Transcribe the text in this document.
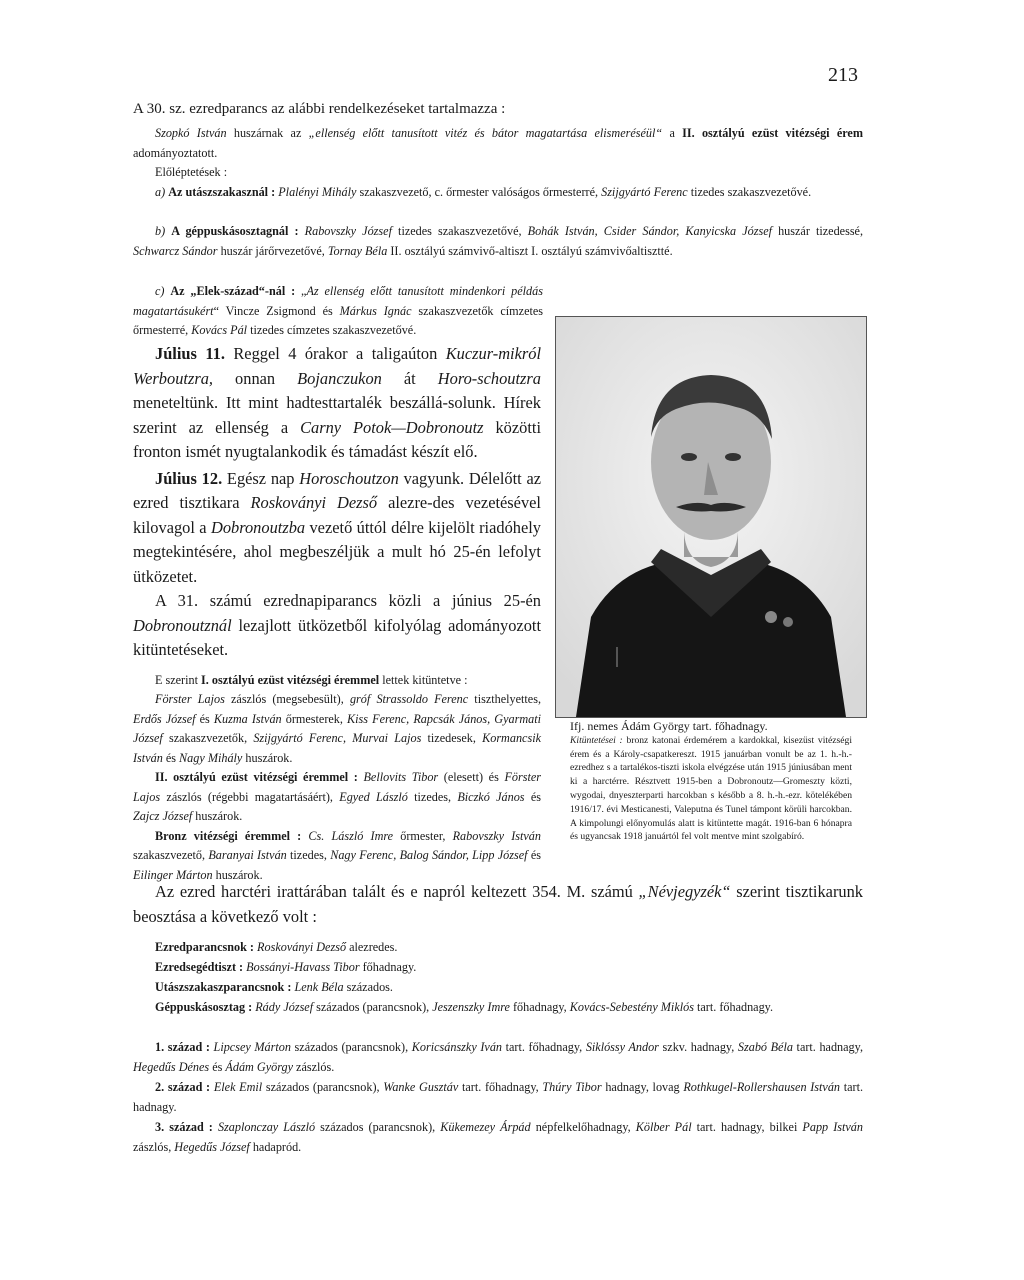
213
A 30. sz. ezredparancs az alábbi rendelkezéseket tartalmazza :
Szopkó István huszárnak az „ellenség előtt tanusított vitéz és bátor magatartása elismeréséül“ a II. osztályú ezüst vitézségi érem adományoztatott.
Előléptetések :
a) Az utászszakasznál : Plalényi Mihály szakaszvezető, c. őrmester valóságos őrmesterré, Szijgyártó Ferenc tizedes szakaszvezetővé.
b) A géppuskásosztagnál : Rabovszky József tizedes szakaszvezetővé, Bohák István, Csider Sándor, Kanyicska József huszár tizedessé, Schwarcz Sándor huszár járőrvezetővé, Tornay Béla II. osztályú számvivő-altiszt I. osztályú számvivőaltisztté.
c) Az „Elek-század“-nál : „Az ellenség előtt tanusított mindenkori példás magatartásukért“ Vincze Zsigmond és Márkus Ignác szakaszvezetők címzetes őrmesterré, Kovács Pál tizedes címzetes szakaszvezetővé.
Július 11. Reggel 4 órakor a taligaúton Kuczur-mikról Werboutzra, onnan Bojanczukon át Horo-schoutzra meneteltünk. Itt mint hadtesttartalék beszállá-solunk. Hírek szerint az ellenség a Carny Potok—Dobronoutz közötti fronton ismét nyugtalankodik és támadást készít elő.
Július 12. Egész nap Horoschoutzon vagyunk. Délelőtt az ezred tisztikara Roskoványi Dezső alezre-des vezetésével kilovagol a Dobronoutzba vezető úttól délre kijelölt riadóhely megtekintésére, ahol megbeszéljük a mult hó 25-én lefolyt ütközetet.
A 31. számú ezrednapiparancs közli a június 25-én Dobronoutznál lezajlott ütközetből kifolyólag adományozott kitüntetéseket.
E szerint I. osztályú ezüst vitézségi éremmel lettek kitüntetve :
Förster Lajos zászlós (megsebesült), gróf Strassoldo Ferenc tiszthelyettes, Erdős József és Kuzma István őrmesterek, Kiss Ferenc, Rapcsák János, Gyarmati József szakaszvezetők, Szijgyártó Ferenc, Murvai Lajos tizedesek, Kormancsik István és Nagy Mihály huszárok.
II. osztályú ezüst vitézségi éremmel : Bellovits Tibor (elesett) és Förster Lajos zászlós (régebbi magatartásáért), Egyed László tizedes, Biczkó János és Zajcz József huszárok.
Bronz vitézségi éremmel : Cs. László Imre őrmester, Rabovszky István szakaszvezető, Baranyai István tizedes, Nagy Ferenc, Balog Sándor, Lipp József és Eilinger Márton huszárok.
Ifj. nemes Ádám György tart. főhadnagy.
Kitüntetései : bronz katonai érdemérem a kardokkal, kisezüst vitézségi érem és a Károly-csapatkereszt. 1915 januárban vonult be az 1. h.-h.-ezredhez s a tartalékos-tiszti iskola elvégzése után 1915 júniusában ment ki a harctérre. Résztvett 1915-ben a Dobronoutz—Gromeszty közti, wygodai, dnyeszterparti harcokban s később a 8. h.-h.-ezr. kötelékében 1916/17. évi Mesticanesti, Valeputna és Tunel támpont körüli harcokban. A kimpolungi előnyomulás alatt is kitüntette magát. 1916-ban 6 hónapra és ugyancsak 1918 januártól fel volt mentve mint szolgabíró.
Az ezred harctéri irattárában talált és e napról keltezett 354. M. számú „Névjegyzék“ szerint tisztikarunk beosztása a következő volt :
Ezredparancsnok : Roskoványi Dezső alezredes.
Ezredsegédtiszt : Bossányi-Havass Tibor főhadnagy.
Utászszakaszparancsnok : Lenk Béla százados.
Géppuskásosztag : Rády József százados (parancsnok), Jeszenszky Imre főhadnagy, Kovács-Sebestény Miklós tart. főhadnagy.
1. század : Lipcsey Márton százados (parancsnok), Koricsánszky Iván tart. főhadnagy, Siklóssy Andor szkv. hadnagy, Szabó Béla tart. hadnagy, Hegedűs Dénes és Ádám György zászlós.
2. század : Elek Emil százados (parancsnok), Wanke Gusztáv tart. főhadnagy, Thúry Tibor hadnagy, lovag Rothkugel-Rollershausen István tart. hadnagy.
3. század : Szaplonczay László százados (parancsnok), Kükemezey Árpád népfelkelőhadnagy, Kölber Pál tart. hadnagy, bilkei Papp István zászlós, Hegedűs József hadapród.
